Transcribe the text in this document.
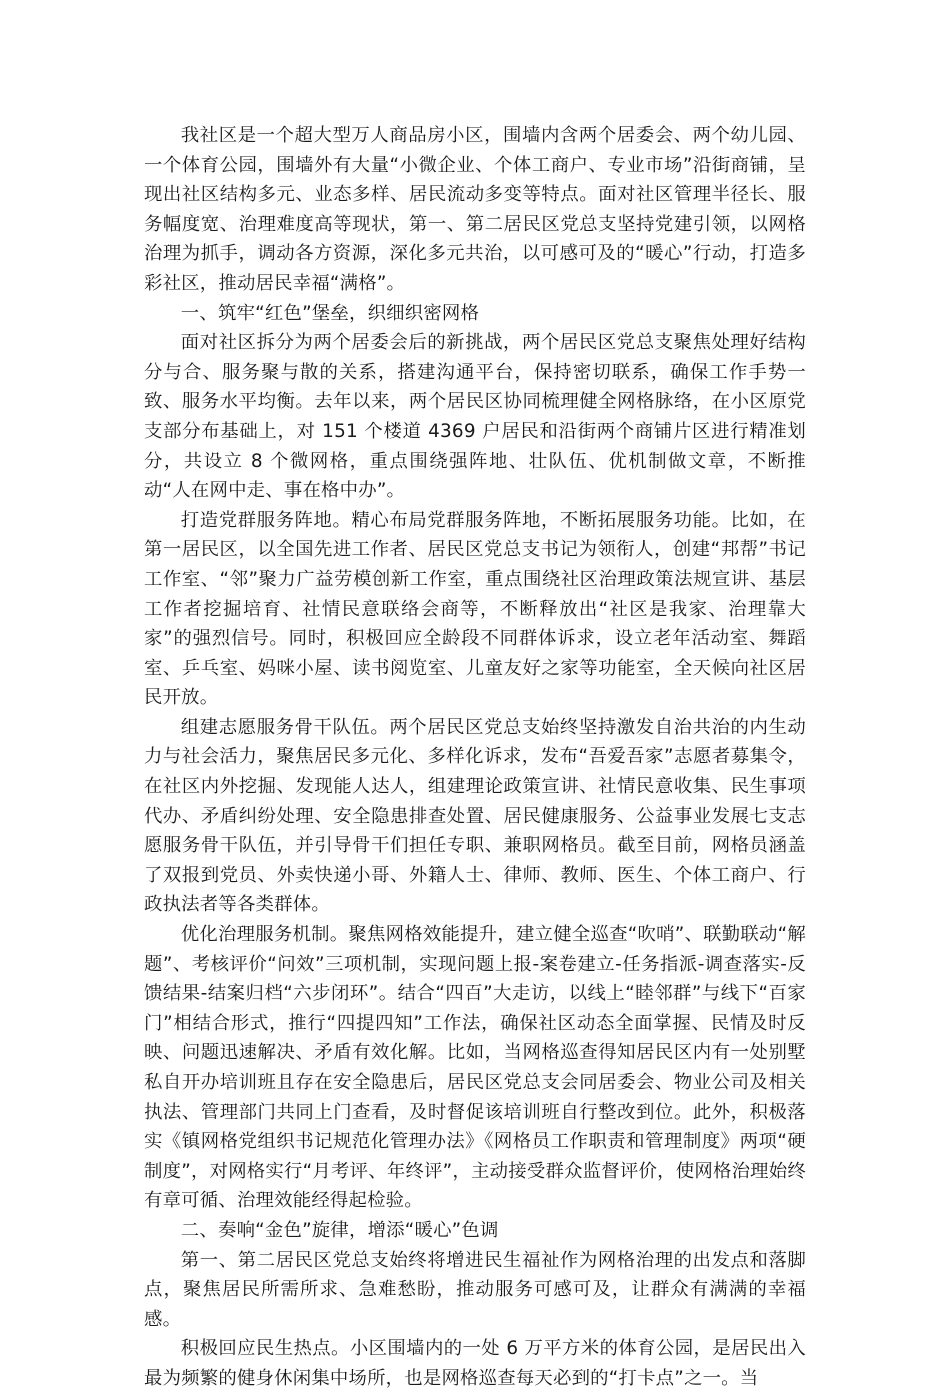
我社区是一个超大型万人商品房小区，围墙内含两个居委会、两个幼儿园、一个体育公园，围墙外有大量“小微企业、个体工商户、专业市场”沿街商铺，呈现出社区结构多元、业态多样、居民流动多变等特点。面对社区管理半径长、服务幅度宽、治理难度高等现状，第一、第二居民区党总支坚持党建引领，以网格治理为抓手，调动各方资源，深化多元共治，以可感可及的“暖心”行动，打造多彩社区，推动居民幸福“满格”。

一、筑牢“红色”堡垒，织细织密网格

面对社区拆分为两个居委会后的新挑战，两个居民区党总支聚焦处理好结构分与合、服务聚与散的关系，搭建沟通平台，保持密切联系，确保工作手势一致、服务水平均衡。去年以来，两个居民区协同梳理健全网格脉络，在小区原党支部分布基础上，对 151 个楼道 4369 户居民和沿街两个商铺片区进行精准划分，共设立 8 个微网格，重点围绕强阵地、壮队伍、优机制做文章，不断推动“人在网中走、事在格中办”。

打造党群服务阵地。精心布局党群服务阵地，不断拓展服务功能。比如，在第一居民区，以全国先进工作者、居民区党总支书记为领衔人，创建“邦帮”书记工作室、“邻”聚力广益劳模创新工作室，重点围绕社区治理政策法规宣讲、基层工作者挖掘培育、社情民意联络会商等，不断释放出“社区是我家、治理靠大家”的强烈信号。同时，积极回应全龄段不同群体诉求，设立老年活动室、舞蹈室、乒乓室、妈咪小屋、读书阅览室、儿童友好之家等功能室，全天候向社区居民开放。

组建志愿服务骨干队伍。两个居民区党总支始终坚持激发自治共治的内生动力与社会活力，聚焦居民多元化、多样化诉求，发布“吾爱吾家”志愿者募集令，在社区内外挖掘、发现能人达人，组建理论政策宣讲、社情民意收集、民生事项代办、矛盾纠纷处理、安全隐患排查处置、居民健康服务、公益事业发展七支志愿服务骨干队伍，并引导骨干们担任专职、兼职网格员。截至目前，网格员涵盖了双报到党员、外卖快递小哥、外籍人士、律师、教师、医生、个体工商户、行政执法者等各类群体。

优化治理服务机制。聚焦网格效能提升，建立健全巡查“吹哨”、联勤联动“解题”、考核评价“问效”三项机制，实现问题上报-案卷建立-任务指派-调查落实-反馈结果-结案归档“六步闭环”。结合“四百”大走访，以线上“睦邻群”与线下“百家门”相结合形式，推行“四提四知”工作法，确保社区动态全面掌握、民情及时反映、问题迅速解决、矛盾有效化解。比如，当网格巡查得知居民区内有一处别墅私自开办培训班且存在安全隐患后，居民区党总支会同居委会、物业公司及相关执法、管理部门共同上门查看，及时督促该培训班自行整改到位。此外，积极落实《镇网格党组织书记规范化管理办法》《网格员工作职责和管理制度》两项“硬制度”，对网格实行“月考评、年终评”，主动接受群众监督评价，使网格治理始终有章可循、治理效能经得起检验。

二、奏响“金色”旋律，增添“暖心”色调

第一、第二居民区党总支始终将增进民生福祉作为网格治理的出发点和落脚点，聚焦居民所需所求、急难愁盼，推动服务可感可及，让群众有满满的幸福感。

积极回应民生热点。小区围墙内的一处 6 万平方米的体育公园，是居民出入最为频繁的健身休闲集中场所，也是网格巡查每天必到的“打卡点”之一。当
